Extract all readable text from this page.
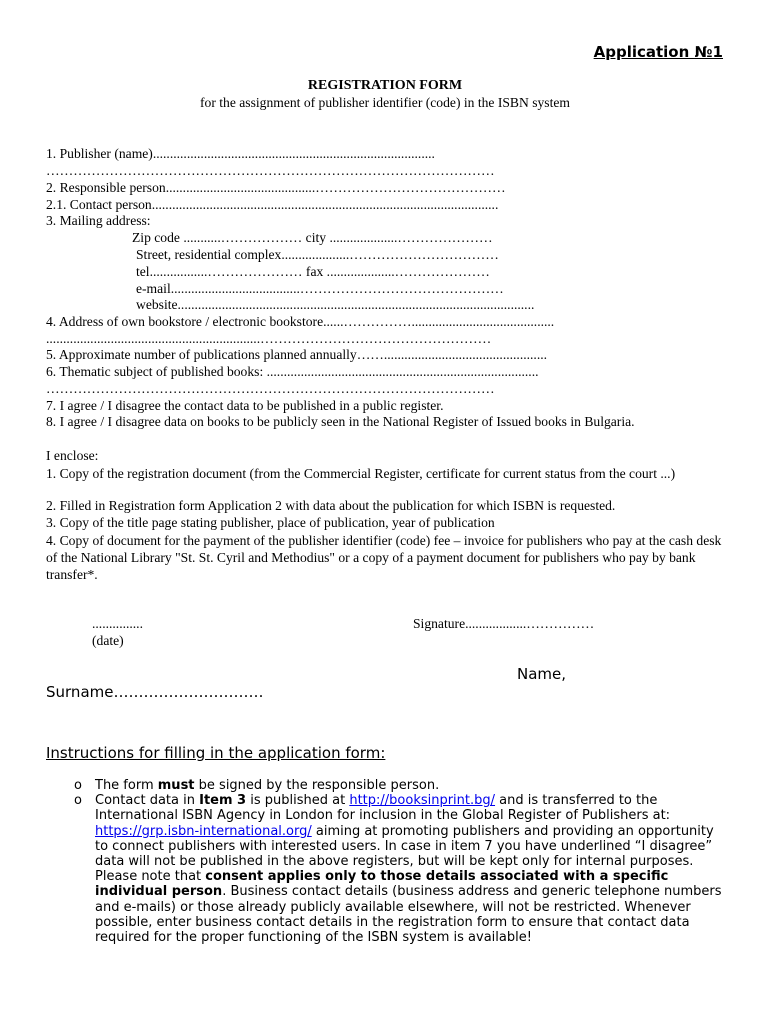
Application №1
REGISTRATION FORM
for the assignment of publisher identifier (code) in the ISBN system
1. Publisher (name)...................................................................................
………………………………………………………………………………………
2. Responsible person............................................……………………………………
2.1. Contact person......................................................................................................
3. Mailing address:
Zip code ...........……………… city ....................…………………
Street, residential complex....................……………………………
tel.................………………… fax ....................…………………
e-mail......................................………………………………………
website.........................................................................................................
4. Address of own bookstore / electronic bookstore......……………..........................................
...............................................................……………………………………………
5. Approximate number of publications planned annually……................................................
6. Thematic subject of published books: ................................................................................
………………………………………………………………………………………
7. I agree / I disagree the contact data to be published in a public register.
8. I agree / I disagree data on books to be publicly seen in the National Register of Issued books in Bulgaria.
I enclose:
1. Copy of the registration document (from the Commercial Register, certificate for current status from the court ...)
2. Filled in Registration form Application 2 with data about the publication for which ISBN is requested.
3. Copy of the title page stating publisher, place of publication, year of publication
4. Copy of document for the payment of the publisher identifier (code) fee – invoice for publishers who pay at the cash desk of the National Library "St. St. Cyril and Methodius" or a copy of a payment document for publishers who pay by bank transfer*.
...............
(date)
Signature..................……………
Name,
Surname…………………………
Instructions for filling in the application form:
o The form must be signed by the responsible person.
o Contact data in Item 3 is published at http://booksinprint.bg/ and is transferred to the International ISBN Agency in London for inclusion in the Global Register of Publishers at: https://grp.isbn-international.org/ aiming at promoting publishers and providing an opportunity to connect publishers with interested users. In case in item 7 you have underlined “I disagree” data will not be published in the above registers, but will be kept only for internal purposes. Please note that consent applies only to those details associated with a specific individual person. Business contact details (business address and generic telephone numbers and e-mails) or those already publicly available elsewhere, will not be restricted. Whenever possible, enter business contact details in the registration form to ensure that contact data required for the proper functioning of the ISBN system is available!
